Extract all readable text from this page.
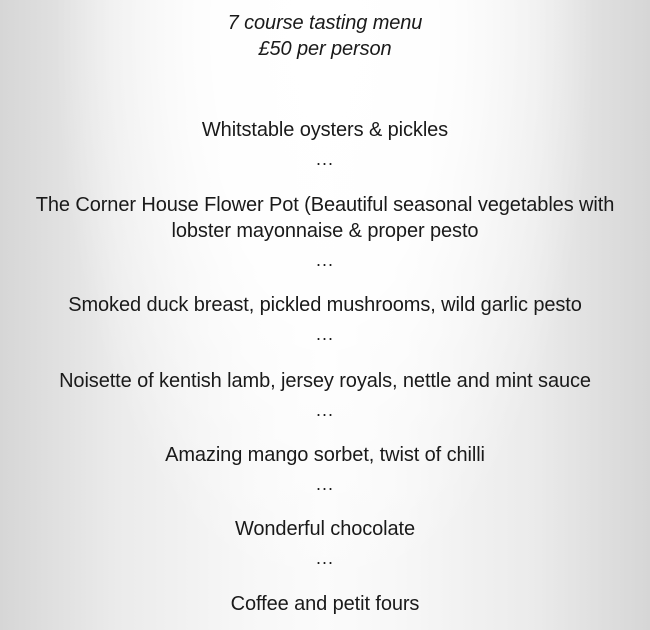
7 course tasting menu
£50 per person
Whitstable oysters & pickles
...
The Corner House Flower Pot (Beautiful seasonal vegetables with
lobster mayonnaise & proper pesto
...
Smoked duck breast, pickled mushrooms, wild garlic pesto
...
Noisette of kentish lamb, jersey royals, nettle and mint sauce
...
Amazing mango sorbet, twist of chilli
...
Wonderful chocolate
...
Coffee and petit fours
